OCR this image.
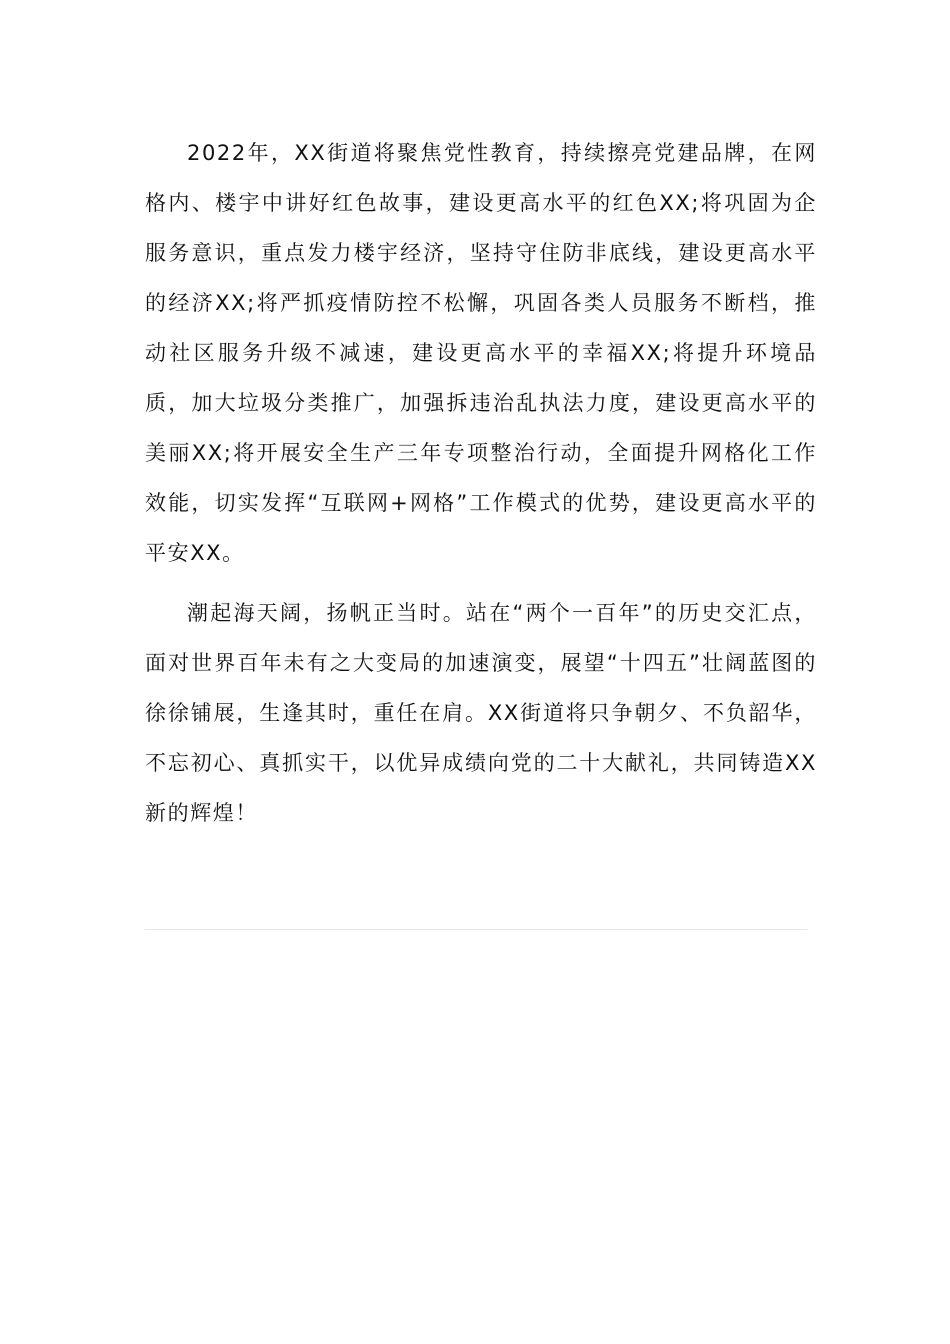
2022年，XX街道将聚焦党性教育，持续擦亮党建品牌，在网格内、楼宇中讲好红色故事，建设更高水平的红色XX;将巩固为企服务意识，重点发力楼宇经济，坚持守住防非底线，建设更高水平的经济XX;将严抓疫情防控不松懈，巩固各类人员服务不断档，推动社区服务升级不减速，建设更高水平的幸福XX;将提升环境品质，加大垃圾分类推广，加强拆违治乱执法力度，建设更高水平的美丽XX;将开展安全生产三年专项整治行动，全面提升网格化工作效能，切实发挥“互联网+网格”工作模式的优势，建设更高水平的平安XX。

潮起海天阔，扬帆正当时。站在“两个一百年”的历史交汇点，面对世界百年未有之大变局的加速演变，展望“十四五”壮阔蓝图的徐徐铺展，生逢其时，重任在肩。XX街道将只争朝夕、不负韶华，不忘初心、真抓实干，以优异成绩向党的二十大献礼，共同铸造XX新的辉煌！
